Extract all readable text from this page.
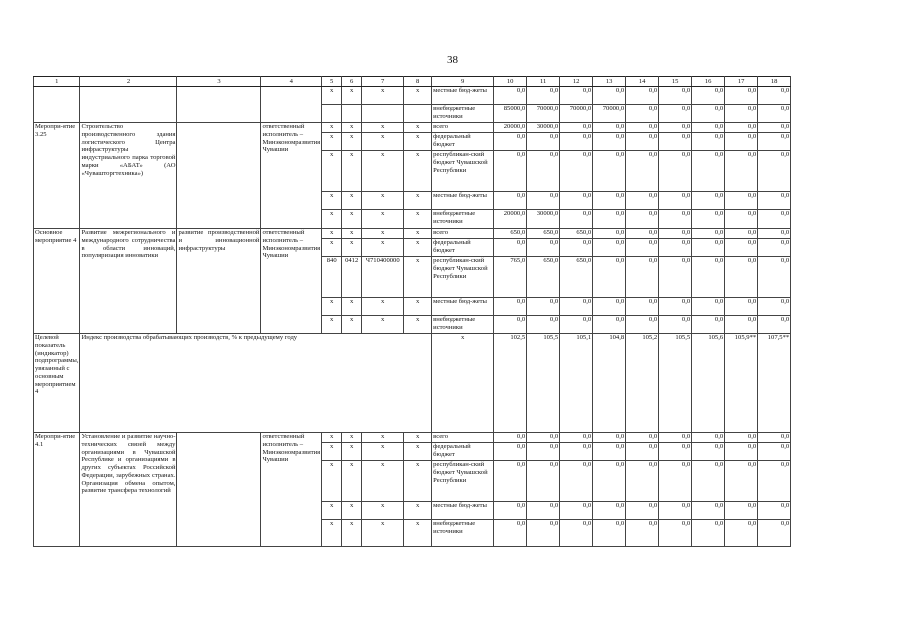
38
1	2	3	4	5	6	7	8	9	10	11	12	13	14	15	16	17	18
				x	x	x	x	местные бюд-жеты	0,0	0,0	0,0	0,0	0,0	0,0	0,0	0,0	0,0
								внебюджетные источники	85000,0	70000,0	70000,0	70000,0	0,0	0,0	0,0	0,0	0,0
Меропри-ятие 3.25	Строительство производственного здания логистического Центра инфраструктуры индустриального парка торговой марки «АБАТ» (АО «Чувашторгтехника»)		ответственный исполнитель – Минэкономразвития Чувашии	x	x	x	x	всего	20000,0	30000,0	0,0	0,0	0,0	0,0	0,0	0,0	0,0
				x	x	x	x	федеральный бюджет	0,0	0,0	0,0	0,0	0,0	0,0	0,0	0,0	0,0
				x	x	x	x	республикан-ский бюджет Чувашской Республики	0,0	0,0	0,0	0,0	0,0	0,0	0,0	0,0	0,0
				x	x	x	x	местные бюд-жеты	0,0	0,0	0,0	0,0	0,0	0,0	0,0	0,0	0,0
				x	x	x	x	внебюджетные источники	20000,0	30000,0	0,0	0,0	0,0	0,0	0,0	0,0	0,0
Основное мероприятие 4	Развитие межрегионального и международного сотрудничества в области инноваций, популяризация инноватики	развитие производственной и инновационной инфраструктуры	ответственный исполнитель – Минэкономразвития Чувашии	x	x	x	x	всего	650,0	650,0	650,0	0,0	0,0	0,0	0,0	0,0	0,0
				x	x	x	x	федеральный бюджет	0,0	0,0	0,0	0,0	0,0	0,0	0,0	0,0	0,0
				840	0412	Ч710400000	x	республикан-ский бюджет Чувашской Республики	765,0	650,0	650,0	0,0	0,0	0,0	0,0	0,0	0,0
				x	x	x	x	местные бюд-жеты	0,0	0,0	0,0	0,0	0,0	0,0	0,0	0,0	0,0
				x	x	x	x	внебюджетные источники	0,0	0,0	0,0	0,0	0,0	0,0	0,0	0,0	0,0
Целевой показатель (индикатор) подпрограммы, увязанный с основным мероприятием 4	Индекс производства обрабатывающих производств, % к предыдущему году							x	102,5	105,5	105,1	104,8	105,2	105,5	105,6	105,9**	107,5**
Меропри-ятие 4.1	Установление и развитие научно-технических связей между организациями в Чувашской Республике и организациями в других субъектах Российской Федерации, зарубежных странах. Организация обмена опытом, развитие трансфера технологий		ответственный исполнитель – Минэкономразвития Чувашии	x	x	x	x	всего	0,0	0,0	0,0	0,0	0,0	0,0	0,0	0,0	0,0
				x	x	x	x	федеральный бюджет	0,0	0,0	0,0	0,0	0,0	0,0	0,0	0,0	0,0
				x	x	x	x	республикан-ский бюджет Чувашской Республики	0,0	0,0	0,0	0,0	0,0	0,0	0,0	0,0	0,0
				x	x	x	x	местные бюд-жеты	0,0	0,0	0,0	0,0	0,0	0,0	0,0	0,0	0,0
				x	x	x	x	внебюджетные источники	0,0	0,0	0,0	0,0	0,0	0,0	0,0	0,0	0,0
